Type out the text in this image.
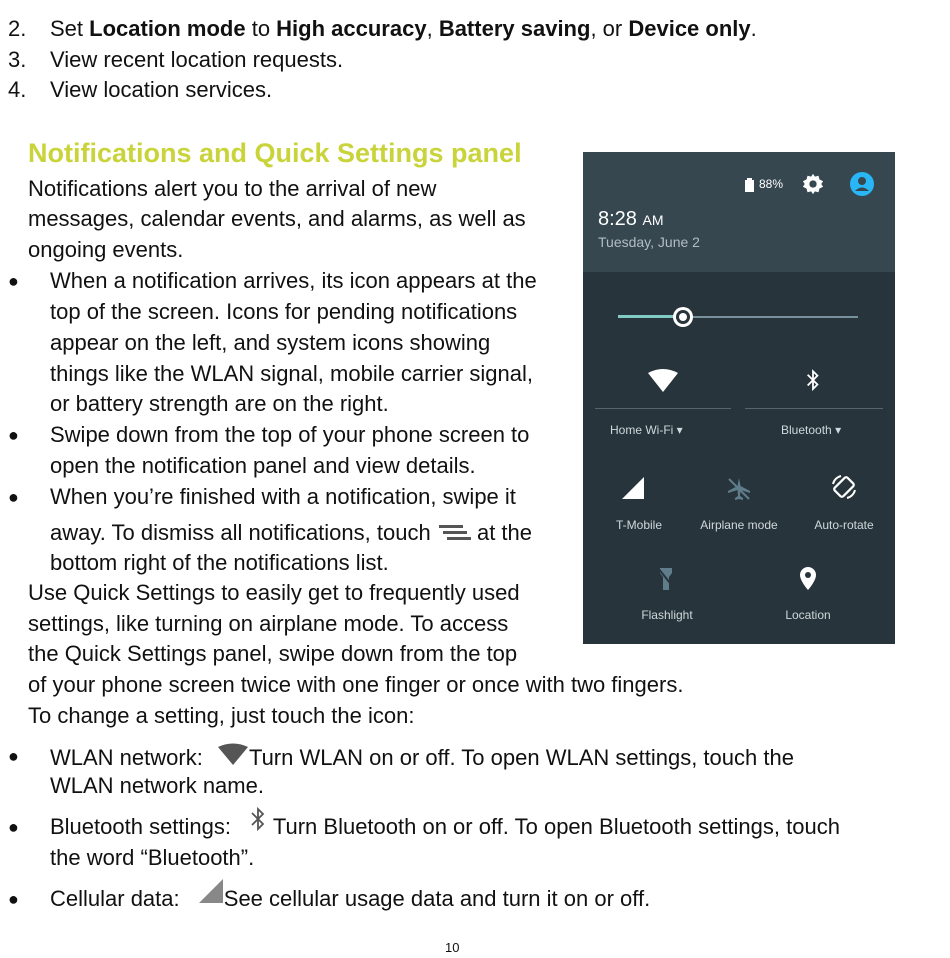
2. Set Location mode to High accuracy, Battery saving, or Device only.
3. View recent location requests.
4. View location services.
Notifications and Quick Settings panel
Notifications alert you to the arrival of new
messages, calendar events, and alarms, as well as
ongoing events.
● When a notification arrives, its icon appears at the
top of the screen. Icons for pending notifications
appear on the left, and system icons showing
things like the WLAN signal, mobile carrier signal,
or battery strength are on the right.
● Swipe down from the top of your phone screen to
open the notification panel and view details.
● When you’re finished with a notification, swipe it
away. To dismiss all notifications, touch at the
bottom right of the notifications list.
Use Quick Settings to easily get to frequently used
settings, like turning on airplane mode. To access
the Quick Settings panel, swipe down from the top
of your phone screen twice with one finger or once with two fingers.
To change a setting, just touch the icon:
● WLAN network: Turn WLAN on or off. To open WLAN settings, touch the
WLAN network name.
● Bluetooth settings: Turn Bluetooth on or off. To open Bluetooth settings, touch
the word “Bluetooth”.
● Cellular data: See cellular usage data and turn it on or off.
10
88%
8:28 AM
Tuesday, June 2
Home Wi-Fi ▾	Bluetooth ▾
T-Mobile	Airplane mode	Auto-rotate
Flashlight	Location
